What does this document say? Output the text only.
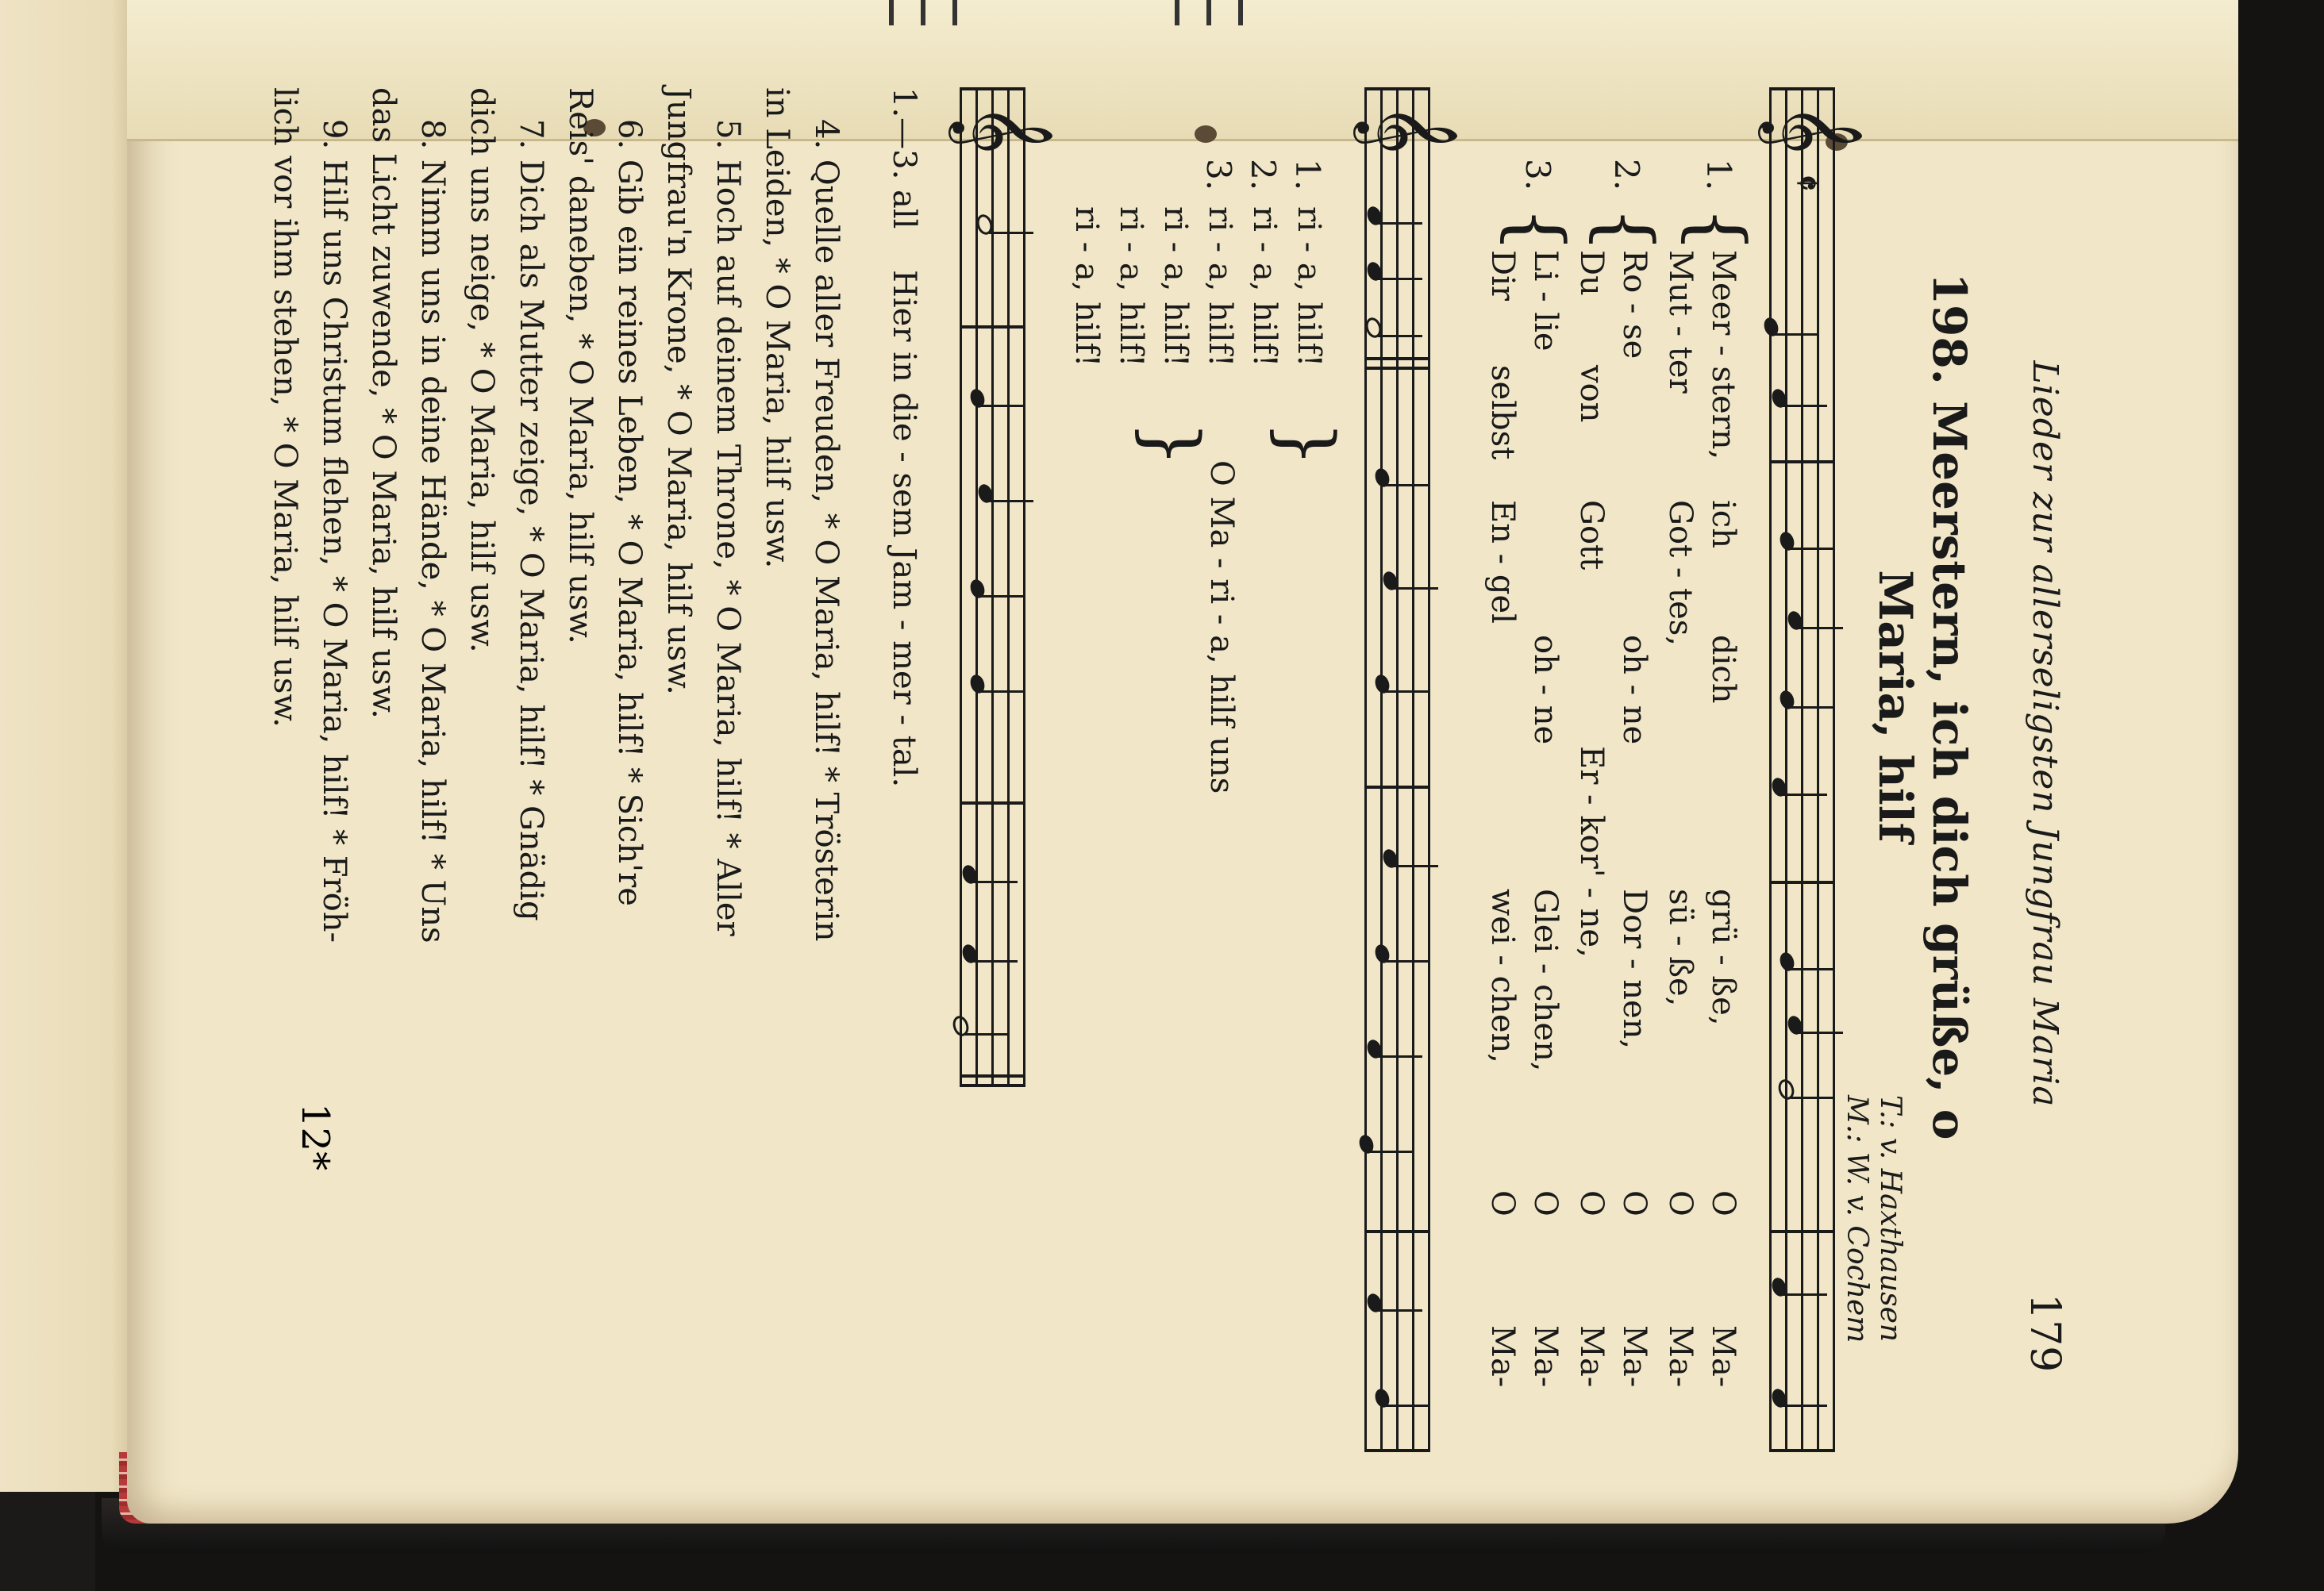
Lieder zur allerseligsten Jungfrau Maria
179
198. Meerstern, ich dich grüße, o Maria, hilf
T.: v. Haxthausen
M.: W. v. Cochem
𝄞
𝄵
1.
{
Meer - stern,
ich
dich
grü - ße,
O
Ma-
Mut - ter
Got - tes,
sü - ße,
O
Ma-
2.
{
Ro - se
oh - ne
Dor - nen,
O
Ma-
Du
von
Gott
Er - kor' - ne,
O
Ma-
3.
{
Li - lie
oh - ne
Glei - chen,
O
Ma-
Dir
selbst
En - gel
wei - chen,
O
Ma-
𝄞
1.
ri - a, hilf!
2.
ri - a, hilf!
3.
ri - a, hilf!
ri - a, hilf!
ri - a, hilf!
ri - a, hilf!
}
}
O Ma - ri - a, hilf uns
𝄞
1.—3. all
Hier in die - sem Jam - mer - tal.
4. Quelle aller Freuden, * O Maria, hilf! * Trösterin
in Leiden, * O Maria, hilf usw.
5. Hoch auf deinem Throne, * O Maria, hilf! * Aller
Jungfrau'n Krone, * O Maria, hilf usw.
6. Gib ein reines Leben, * O Maria, hilf! * Sich're
Reis' daneben, * O Maria, hilf usw.
7. Dich als Mutter zeige, * O Maria, hilf! * Gnädig
dich uns neige, * O Maria, hilf usw.
8. Nimm uns in deine Hände, * O Maria, hilf! * Uns
das Licht zuwende, * O Maria, hilf usw.
9. Hilf uns Christum flehen, * O Maria, hilf! * Fröh-
lich vor ihm stehen, * O Maria, hilf usw.
12*
